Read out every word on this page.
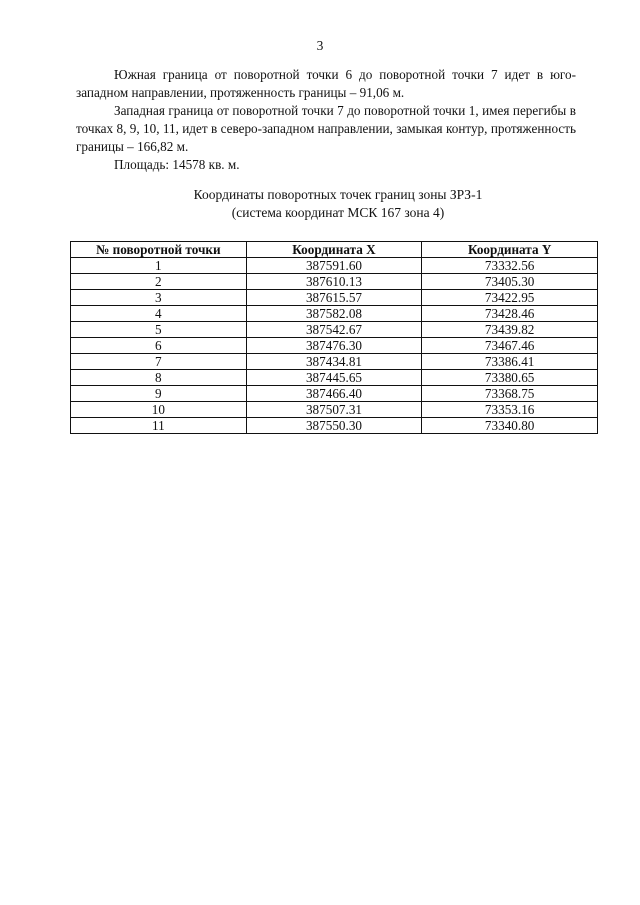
3

Южная граница от поворотной точки 6 до поворотной точки 7 идет в юго-западном направлении, протяженность границы – 91,06 м.

Западная граница от поворотной точки 7 до поворотной точки 1, имея перегибы в точках 8, 9, 10, 11, идет в северо-западном направлении, замыкая контур, протяженность границы – 166,82 м.

Площадь: 14578 кв. м.

Координаты поворотных точек границ зоны ЗРЗ-1
(система координат МСК 167 зона 4)
№ поворотной точки	Координата X	Координата Y
1	387591.60	73332.56
2	387610.13	73405.30
3	387615.57	73422.95
4	387582.08	73428.46
5	387542.67	73439.82
6	387476.30	73467.46
7	387434.81	73386.41
8	387445.65	73380.65
9	387466.40	73368.75
10	387507.31	73353.16
11	387550.30	73340.80
